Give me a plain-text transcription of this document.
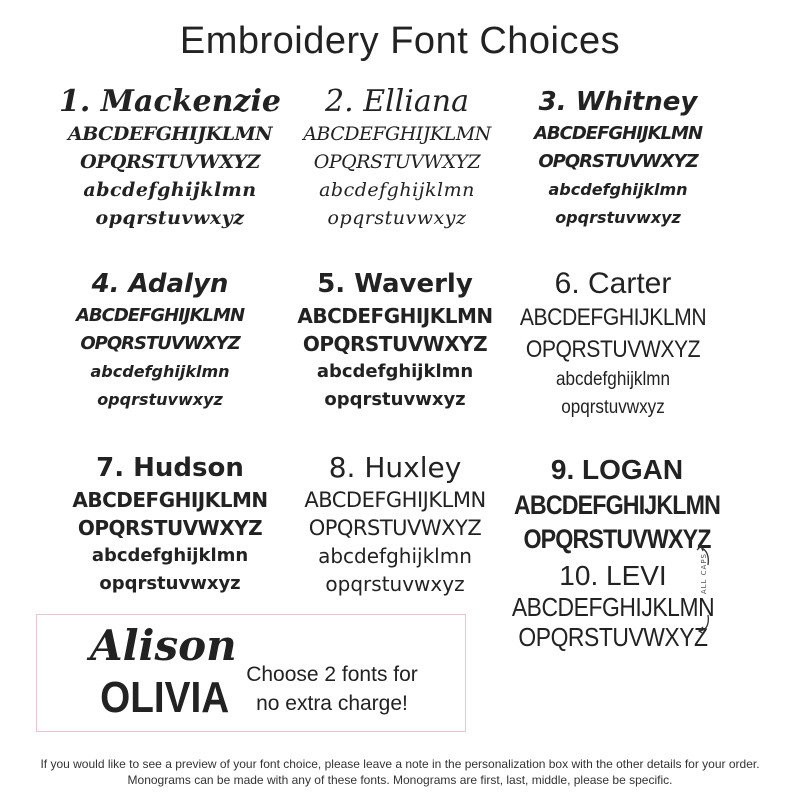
Embroidery Font Choices
1. Mackenzie
ABCDEFGHIJKLMN
OPQRSTUVWXYZ
abcdefghijklmn
opqrstuvwxyz
2. Elliana
ABCDEFGHIJKLMN
OPQRSTUVWXYZ
abcdefghijklmn
opqrstuvwxyz
3. Whitney
ABCDEFGHIJKLMN
OPQRSTUVWXYZ
abcdefghijklmn
opqrstuvwxyz
4. Adalyn
ABCDEFGHIJKLMN
OPQRSTUVWXYZ
abcdefghijklmn
opqrstuvwxyz
5. Waverly
ABCDEFGHIJKLMN
OPQRSTUVWXYZ
abcdefghijklmn
opqrstuvwxyz
6. Carter
ABCDEFGHIJKLMN
OPQRSTUVWXYZ
abcdefghijklmn
opqrstuvwxyz
7. Hudson
ABCDEFGHIJKLMN
OPQRSTUVWXYZ
abcdefghijklmn
opqrstuvwxyz
8. Huxley
ABCDEFGHIJKLMN
OPQRSTUVWXYZ
abcdefghijklmn
opqrstuvwxyz
9. LOGAN
ABCDEFGHIJKLMN
OPQRSTUVWXYZ
10. LEVI
ABCDEFGHIJKLMN
OPQRSTUVWXYZ
ALL CAPS
Alison
OLIVIA Choose 2 fonts for no extra charge!
If you would like to see a preview of your font choice, please leave a note in the personalization box with the other details for your order.
Monograms can be made with any of these fonts. Monograms are first, last, middle, please be specific.
